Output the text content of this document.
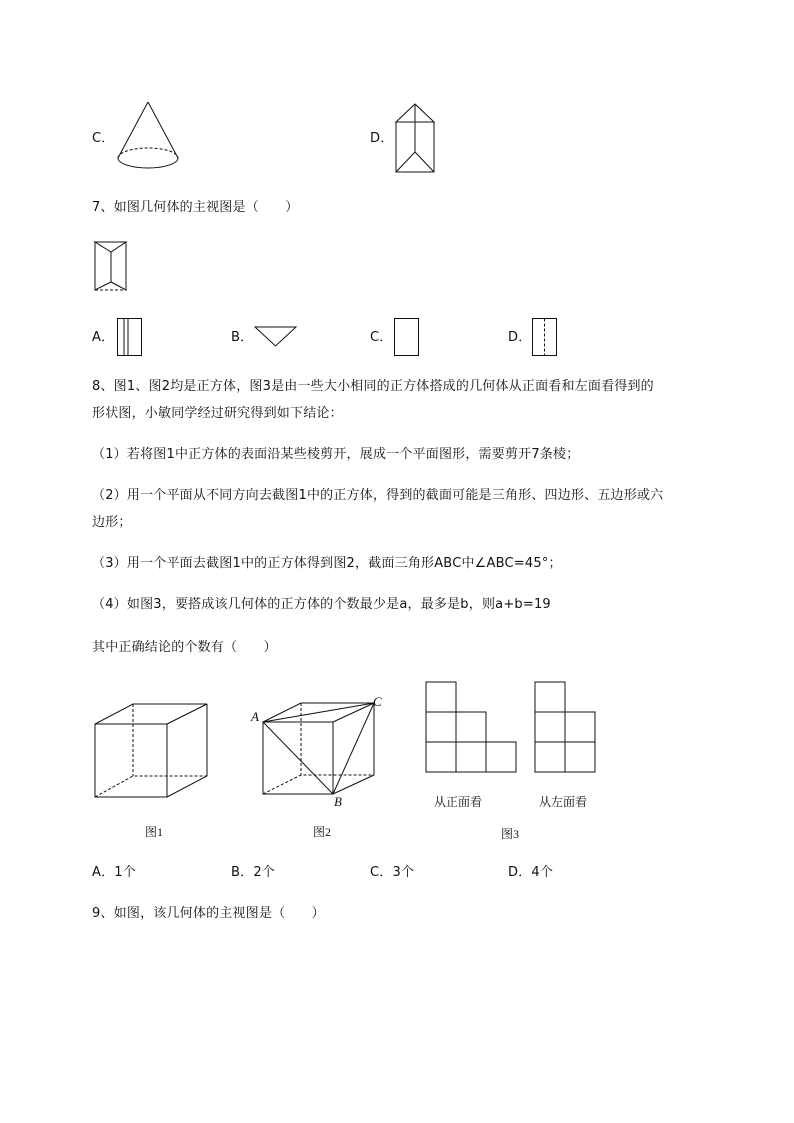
C．	D．
7、如图几何体的主视图是（　　）
A．	B．	C．	D．
8、图1、图2均是正方体，图3是由一些大小相同的正方体搭成的几何体从正面看和左面看得到的
形状图，小敏同学经过研究得到如下结论：
（1）若将图1中正方体的表面沿某些棱剪开，展成一个平面图形，需要剪开7条棱；
（2）用一个平面从不同方向去截图1中的正方体，得到的截面可能是三角形、四边形、五边形或六
边形；
（3）用一个平面去截图1中的正方体得到图2，截面三角形ABC中∠ABC=45°；
（4）如图3，要搭成该几何体的正方体的个数最少是a，最多是b，则a+b=19
其中正确结论的个数有（　　）
图1
A
C
B
图2
从正面看	从左面看
图3
A．1个	B．2个	C．3个	D．4个
9、如图，该几何体的主视图是（　　）
